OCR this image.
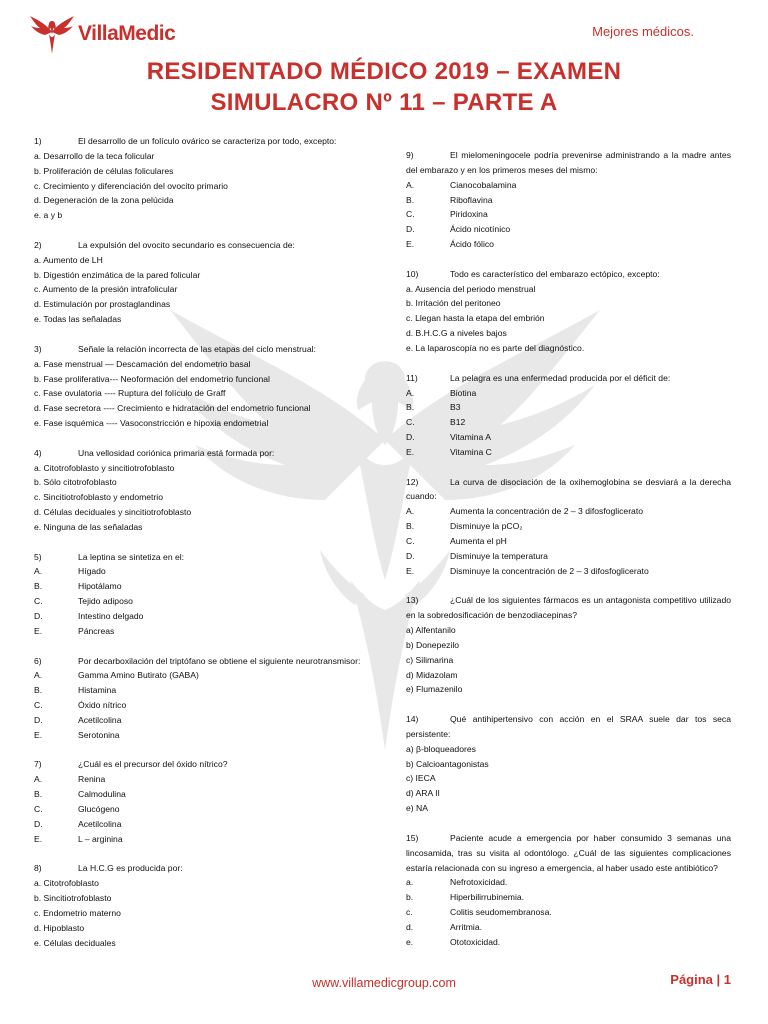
VillaMedic	Mejores médicos.
RESIDENTADO MÉDICO 2019 – EXAMEN
SIMULACRO Nº 11 – PARTE A
1)	El desarrollo de un folículo ovárico se caracteriza por todo, excepto:
a. Desarrollo de la teca folicular
b. Proliferación de células foliculares
c. Crecimiento y diferenciación del ovocito primario
d. Degeneración de la zona pelúcida
e. a y b
2)	La expulsión del ovocito secundario es consecuencia de:
a. Aumento de LH
b. Digestión enzimática de la pared folicular
c. Aumento de la presión intrafolicular
d. Estimulación por prostaglandinas
e. Todas las señaladas
3)	Señale la relación incorrecta de las etapas del ciclo menstrual:
a. Fase menstrual — Descamación del endometrio basal
b. Fase proliferativa--- Neoformación del endometrio funcional
c. Fase ovulatoria ---- Ruptura del folículo de Graff
d. Fase secretora ---- Crecimiento e hidratación del endometrio funcional
e. Fase isquémica ---- Vasoconstricción e hipoxia endometrial
4)	Una vellosidad coriónica primaria está formada por:
a. Citotrofoblasto y sincitiotrofoblasto
b. Sólo citotrofoblasto
c. Sincitiotrofoblasto y endometrio
d. Células deciduales y sincitiotrofoblasto
e. Ninguna de las señaladas
5)	La leptina se sintetiza en el:
A.	Hígado
B.	Hipotálamo
C.	Tejido adiposo
D.	Intestino delgado
E.	Páncreas
6)	Por decarboxilación del triptófano se obtiene el siguiente neurotransmisor:
A.	Gamma Amino Butirato (GABA)
B.	Histamina
C.	Óxido nítrico
D.	Acetilcolina
E.	Serotonina
7)	¿Cuál es el precursor del óxido nítrico?
A.	Renina
B.	Calmodulina
C.	Glucógeno
D.	Acetilcolina
E.	L – arginina
8)	La H.C.G es producida por:
a. Citotrofoblasto
b. Sincitiotrofoblasto
c. Endometrio materno
d. Hipoblasto
e. Células deciduales
9)	El mielomeningocele podría prevenirse administrando a la madre antes del embarazo y en los primeros meses del mismo:
A.	Cianocobalamina
B.	Riboflavina
C.	Piridoxina
D.	Ácido nicotínico
E.	Ácido fólico
10)	Todo es característico del embarazo ectópico, excepto:
a. Ausencia del periodo menstrual
b. Irritación del peritoneo
c. Llegan hasta la etapa del embrión
d. B.H.C.G a niveles bajos
e. La laparoscopía no es parte del diagnóstico.
11)	La pelagra es una enfermedad producida por el déficit de:
A.	Biotina
B.	B3
C.	B12
D.	Vitamina A
E.	Vitamina C
12)	La curva de disociación de la oxihemoglobina se desviará a la derecha cuando:
A.	Aumenta la concentración de 2 – 3 difosfoglicerato
B.	Disminuye la pCO₂
C.	Aumenta el pH
D.	Disminuye la temperatura
E.	Disminuye la concentración de 2 – 3 difosfoglicerato
13)	¿Cuál de los siguientes fármacos es un antagonista competitivo utilizado en la sobredosificación de benzodiacepinas?
a) Alfentanilo
b) Donepezilo
c) Silimarina
d) Midazolam
e) Flumazenilo
14)	Qué antihipertensivo con acción en el SRAA suele dar tos seca persistente:
a) β-bloqueadores
b) Calcioantagonistas
c) IECA
d) ARA II
e) NA
15)	Paciente acude a emergencia por haber consumido 3 semanas una lincosamida, tras su visita al odontólogo. ¿Cuál de las siguientes complicaciones estaría relacionada con su ingreso a emergencia, al haber usado este antibiótico?
a.	Nefrotoxicidad.
b.	Hiperbilirrubinemia.
c.	Colitis seudomembranosa.
d.	Arritmia.
e.	Ototoxicidad.
www.villamedicgroup.com	Página | 1
